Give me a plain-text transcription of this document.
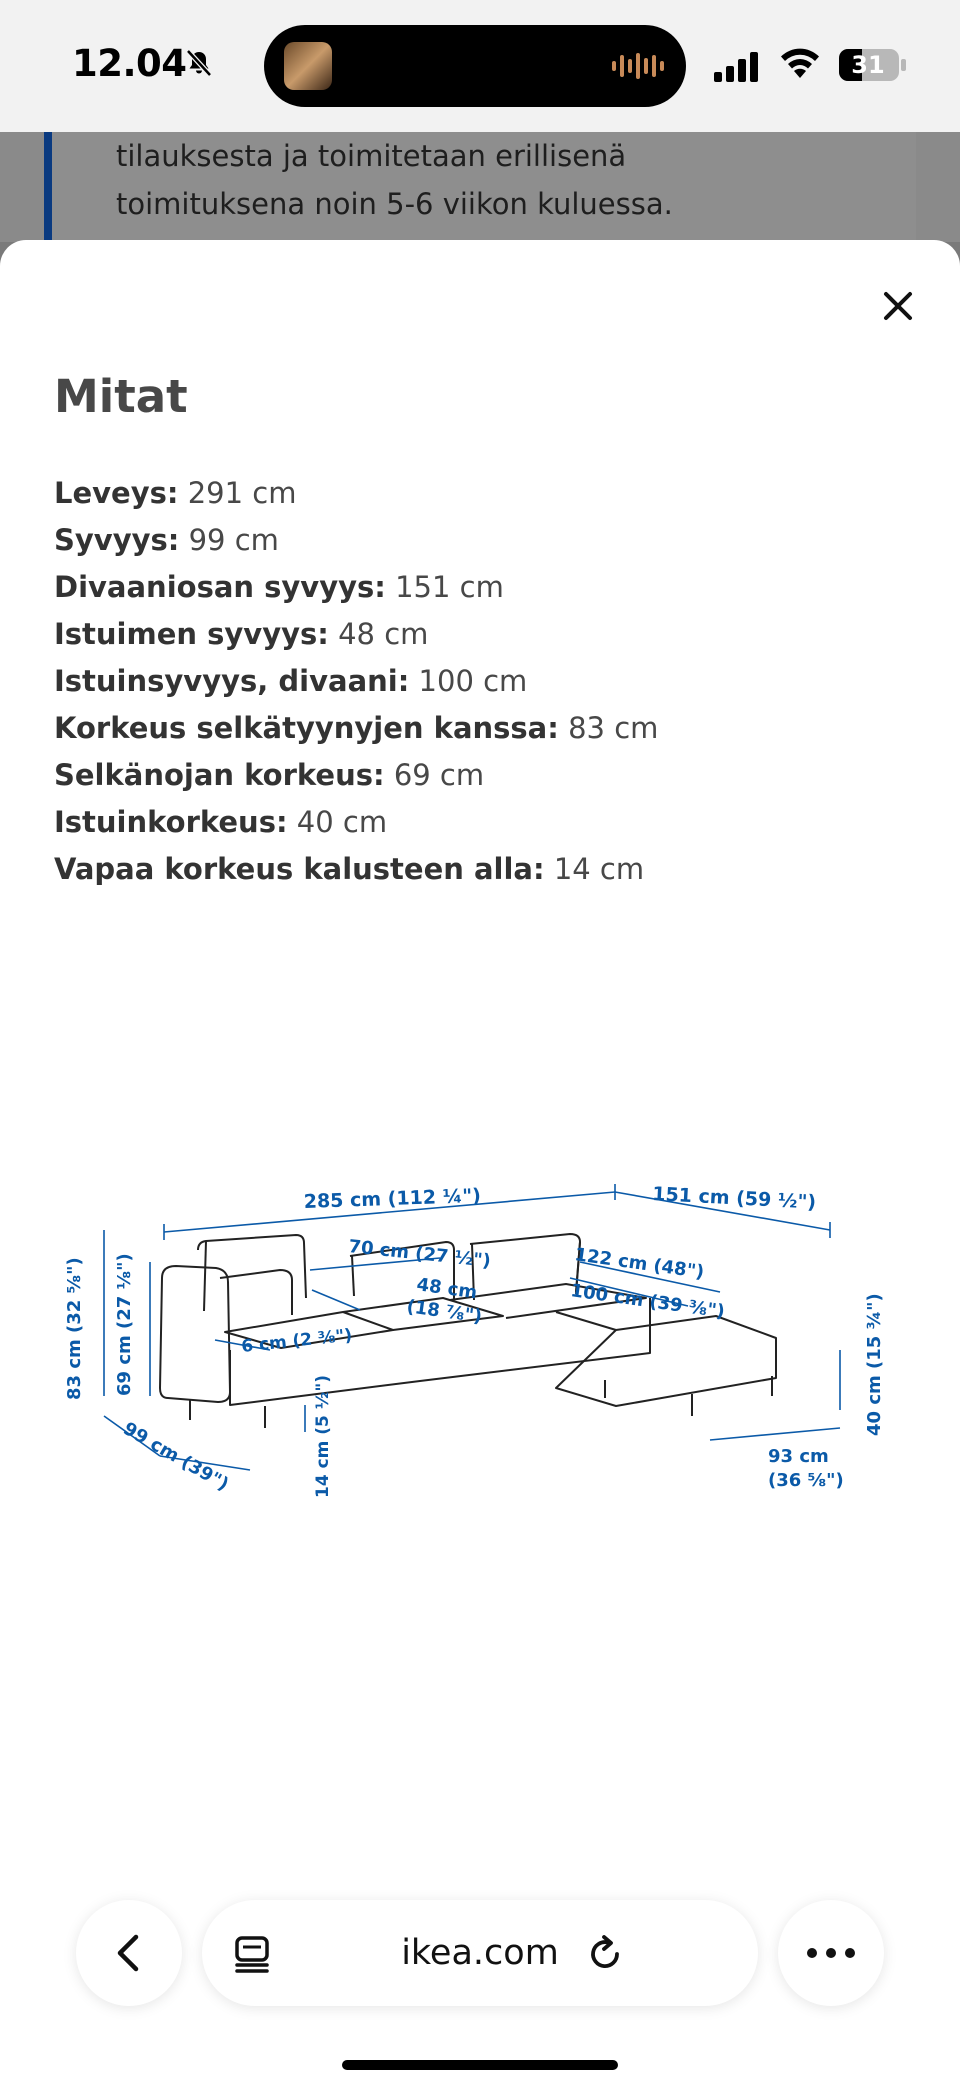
12.04	31
tilauksesta ja toimitetaan erillisenä
toimituksena noin 5-6 viikon kuluessa.
Mitat
Leveys: 291 cm
Syvyys: 99 cm
Divaaniosan syvyys: 151 cm
Istuimen syvyys: 48 cm
Istuinsyvyys, divaani: 100 cm
Korkeus selkätyynyjen kanssa: 83 cm
Selkänojan korkeus: 69 cm
Istuinkorkeus: 40 cm
Vapaa korkeus kalusteen alla: 14 cm
285 cm (112 ¼")	151 cm (59 ½")
70 cm (27 ½")	122 cm (48")
48 cm
(18 ⅞")	100 cm (39 ⅜")
6 cm (2 ⅜")
83 cm (32 ⅝") 69 cm (27 ⅛")
99 cm (39")	14 cm (5 ½")	93 cm
(36 ⅝")
40 cm (15 ¾")
ikea.com
